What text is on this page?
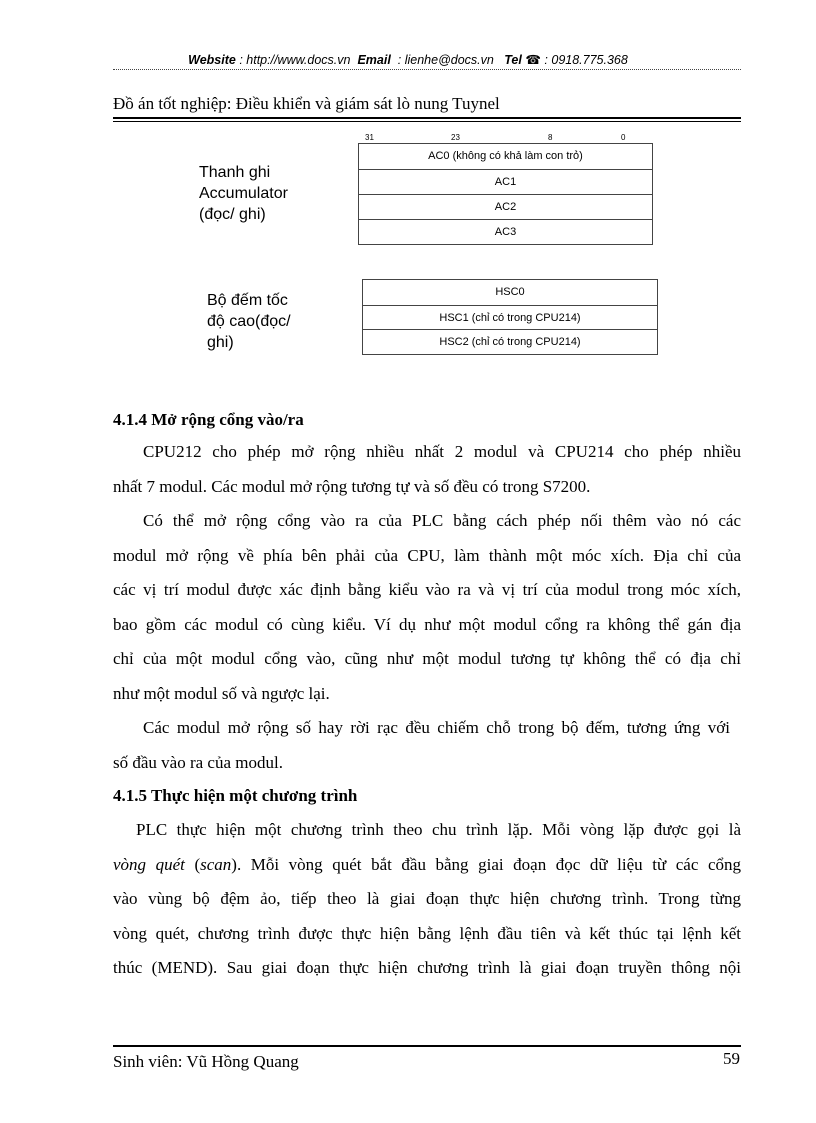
Website : http://www.docs.vn Email : lienhe@docs.vn Tel ☎ : 0918.775.368
Đồ án tốt nghiệp: Điều khiển và giám sát lò nung Tuynel
31	23	8	0
Thanh ghi
Accumulator
(đọc/ ghi)
AC0 (không có khả làm con trỏ)
AC1
AC2
AC3
Bộ đếm tốc
độ cao(đọc/
ghi)
HSC0
HSC1 (chỉ có trong CPU214)
HSC2 (chỉ có trong CPU214)
4.1.4 Mở rộng cổng vào/ra
CPU212 cho phép mở rộng nhiều nhất 2 modul và CPU214 cho phép nhiều
nhất 7 modul. Các modul mở rộng tương tự và số đều có trong S7200.
Có thể mở rộng cổng vào ra của PLC bằng cách phép nối thêm vào nó các
modul mở rộng về phía bên phải của CPU, làm thành một móc xích. Địa chỉ của
các vị trí modul được xác định bằng kiểu vào ra và vị trí của modul trong móc xích,
bao gồm các modul có cùng kiểu. Ví dụ như một modul cổng ra không thể gán địa
chỉ của một modul cổng vào, cũng như một modul tương tự không thể có địa chỉ
như một modul số và ngược lại.
Các modul mở rộng số hay rời rạc đều chiếm chỗ trong bộ đếm, tương ứng với
số đầu vào ra của modul.
4.1.5 Thực hiện một chương trình
PLC thực hiện một chương trình theo chu trình lặp. Mỗi vòng lặp được gọi là
vòng quét (scan). Mỗi vòng quét bắt đầu bằng giai đoạn đọc dữ liệu từ các cổng
vào vùng bộ đệm ảo, tiếp theo là giai đoạn thực hiện chương trình. Trong từng
vòng quét, chương trình được thực hiện bằng lệnh đầu tiên và kết thúc tại lệnh kết
thúc (MEND). Sau giai đoạn thực hiện chương trình là giai đoạn truyền thông nội
Sinh viên: Vũ Hồng Quang	59
